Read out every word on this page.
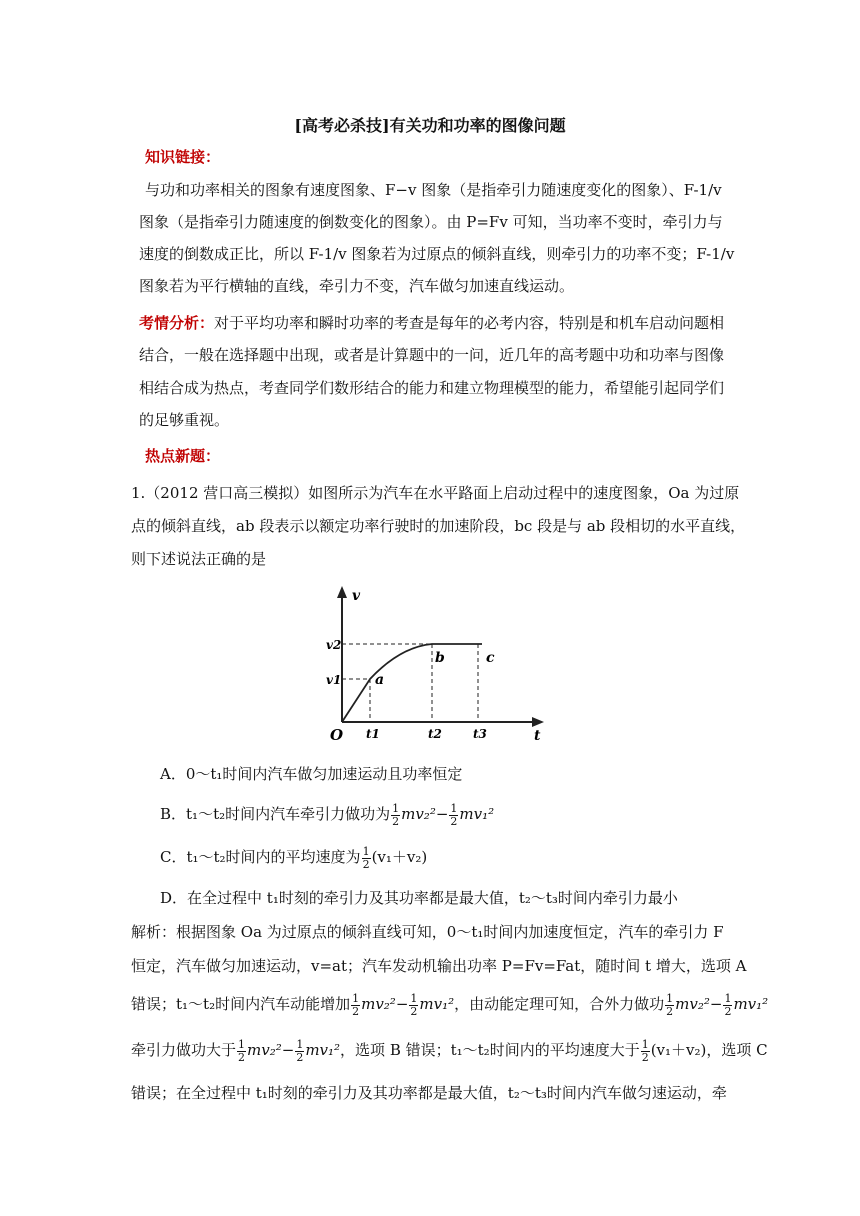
[高考必杀技]有关功和功率的图像问题
知识链接：
与功和功率相关的图象有速度图象、F−v 图象（是指牵引力随速度变化的图象）、F-1/v
图象（是指牵引力随速度的倒数变化的图象）。由 P=Fv 可知，当功率不变时，牵引力与
速度的倒数成正比，所以 F-1/v 图象若为过原点的倾斜直线，则牵引力的功率不变；F-1/v
图象若为平行横轴的直线，牵引力不变，汽车做匀加速直线运动。
考情分析：对于平均功率和瞬时功率的考查是每年的必考内容，特别是和机车启动问题相
结合，一般在选择题中出现，或者是计算题中的一问，近几年的高考题中功和功率与图像
相结合成为热点，考查同学们数形结合的能力和建立物理模型的能力，希望能引起同学们
的足够重视。
热点新题：
1.（2012 营口高三模拟）如图所示为汽车在水平路面上启动过程中的速度图象，Oa 为过原
点的倾斜直线，ab 段表示以额定功率行驶时的加速阶段，bc 段是与 ab 段相切的水平直线，
则下述说法正确的是
v
t
O
v1
v2
t1	t2	t3
a
b	c
A．0～t₁时间内汽车做匀加速运动且功率恒定
B．t₁～t₂时间内汽车牵引力做功为 $\frac{1}{2} mv_2^2- \frac{1}{2} mv_1^2$
C．t₁～t₂时间内的平均速度为 $\frac{1}{2} (v_1+v_2)$
D．在全过程中 t₁时刻的牵引力及其功率都是最大值，t₂～t₃时间内牵引力最小
解析：根据图象 Oa 为过原点的倾斜直线可知，0～t₁时间内加速度恒定，汽车的牵引力 F
恒定，汽车做匀加速运动，v=at；汽车发动机输出功率 P=Fv=Fat，随时间 t 增大，选项 A
错误；t₁～t₂时间内汽车动能增加 $\frac{1}{2} mv_2^2- \frac{1}{2} mv_1^2$，由动能定理可知，合外力做功 $\frac{1}{2} mv_2^2- \frac{1}{2} mv_1^2$
牵引力做功大于 $\frac{1}{2} mv_2^2- \frac{1}{2} mv_1^2$，选项 B 错误；t₁～t₂时间内的平均速度大于 $\frac{1}{2} (v_1+v_2)$，选项 C
错误；在全过程中 t₁时刻的牵引力及其功率都是最大值，t₂～t₃时间内汽车做匀速运动，牵
